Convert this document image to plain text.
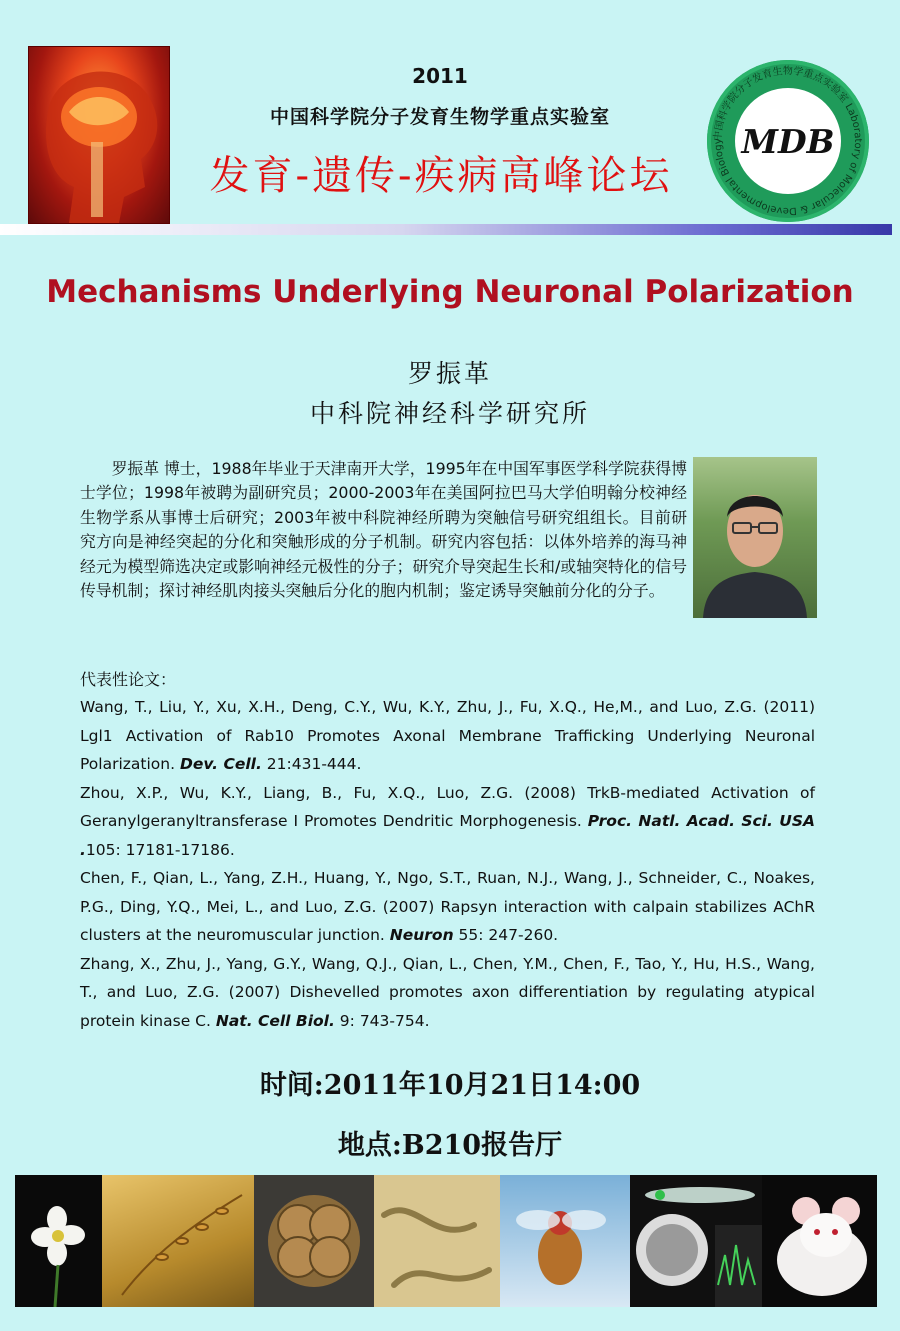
2011
中国科学院分子发育生物学重点实验室
发育-遗传-疾病高峰论坛
中国科学院分子发育生物学重点实验室 Laboratory of Molecular & Developmental Biology MDB
Mechanisms Underlying Neuronal Polarization
罗振革
中科院神经科学研究所

罗振革 博士，1988年毕业于天津南开大学，1995年在中国军事医学科学院获得博士学位；1998年被聘为副研究员；2000-2003年在美国阿拉巴马大学伯明翰分校神经生物学系从事博士后研究；2003年被中科院神经所聘为突触信号研究组组长。目前研究方向是神经突起的分化和突触形成的分子机制。研究内容包括：以体外培养的海马神经元为模型筛选决定或影响神经元极性的分子；研究介导突起生长和/或轴突特化的信号传导机制；探讨神经肌肉接头突触后分化的胞内机制；鉴定诱导突触前分化的分子。

代表性论文：

Wang, T., Liu, Y., Xu, X.H., Deng, C.Y., Wu, K.Y., Zhu, J., Fu, X.Q., He,M., and Luo, Z.G. (2011) Lgl1 Activation of Rab10 Promotes Axonal Membrane Trafficking Underlying Neuronal Polarization. Dev. Cell. 21:431-444.

Zhou, X.P., Wu, K.Y., Liang, B., Fu, X.Q., Luo, Z.G. (2008) TrkB-mediated Activation of Geranylgeranyltransferase I Promotes Dendritic Morphogenesis. Proc. Natl. Acad. Sci. USA .105: 17181-17186.

Chen, F., Qian, L., Yang, Z.H., Huang, Y., Ngo, S.T., Ruan, N.J., Wang, J., Schneider, C., Noakes, P.G., Ding, Y.Q., Mei, L., and Luo, Z.G. (2007) Rapsyn interaction with calpain stabilizes AChR clusters at the neuromuscular junction. Neuron 55: 247-260.

Zhang, X., Zhu, J., Yang, G.Y., Wang, Q.J., Qian, L., Chen, Y.M., Chen, F., Tao, Y., Hu, H.S., Wang, T., and Luo, Z.G. (2007) Dishevelled promotes axon differentiation by regulating atypical protein kinase C. Nat. Cell Biol. 9: 743-754.

时间:2011年10月21日14:00
地点:B210报告厅
